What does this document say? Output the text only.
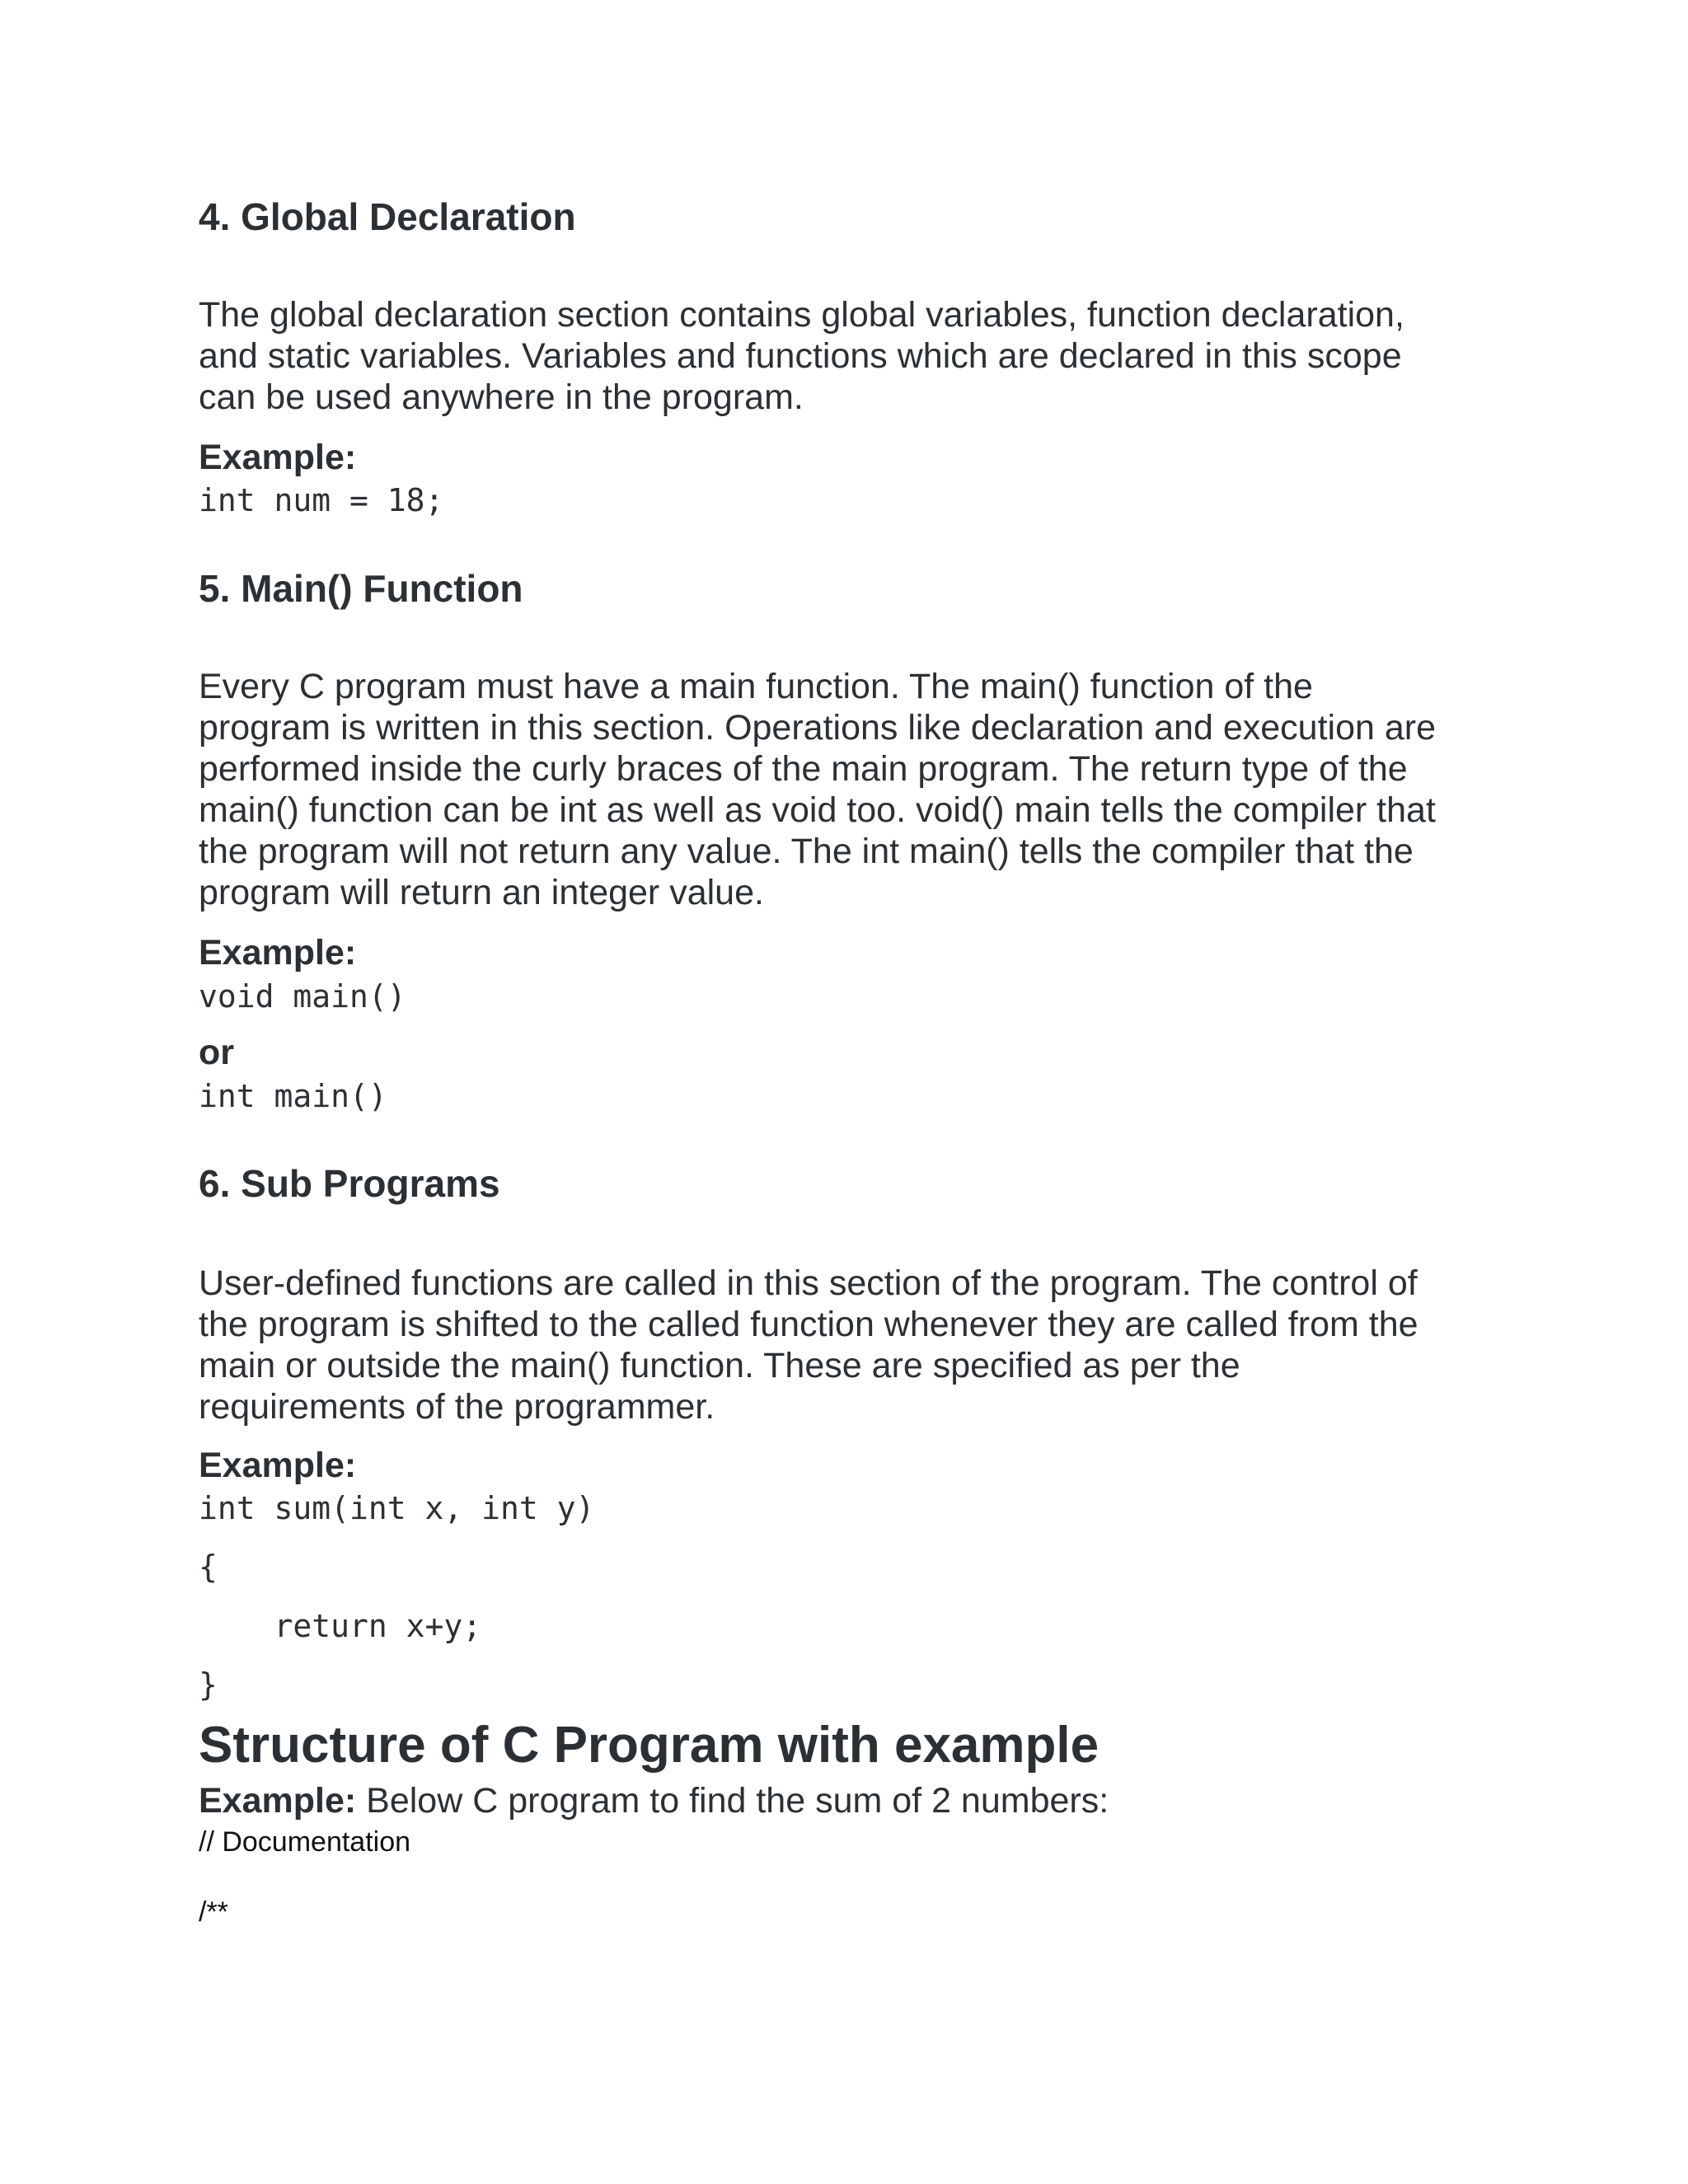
4. Global Declaration
The global declaration section contains global variables, function declaration,
and static variables. Variables and functions which are declared in this scope
can be used anywhere in the program.
Example:
int num = 18;
5. Main() Function
Every C program must have a main function. The main() function of the
program is written in this section. Operations like declaration and execution are
performed inside the curly braces of the main program. The return type of the
main() function can be int as well as void too. void() main tells the compiler that
the program will not return any value. The int main() tells the compiler that the
program will return an integer value.
Example:
void main()
or
int main()
6. Sub Programs
User-defined functions are called in this section of the program. The control of
the program is shifted to the called function whenever they are called from the
main or outside the main() function. These are specified as per the
requirements of the programmer.
Example:
int sum(int x, int y)
{
return x+y;
}
Structure of C Program with example
Example: Below C program to find the sum of 2 numbers:
// Documentation
/**
